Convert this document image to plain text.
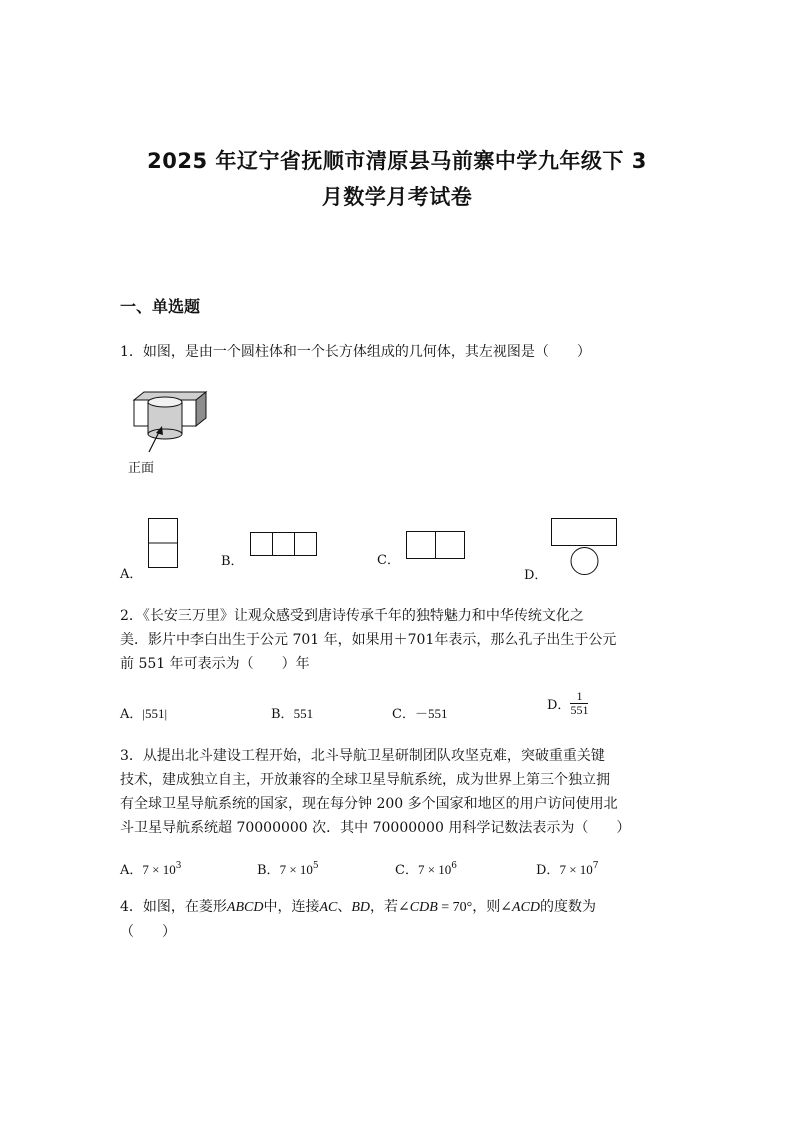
2025 年辽宁省抚顺市清原县马前寨中学九年级下 3
月数学月考试卷
一、单选题
1．如图，是由一个圆柱体和一个长方体组成的几何体，其左视图是（　　）
正面
A．
B．	C．
D．
2．《长安三万里》让观众感受到唐诗传承千年的独特魅力和中华传统文化之
美．影片中李白出生于公元 701 年，如果用＋701年表示，那么孔子出生于公元
前 551 年可表示为（　　）年
A．|551|	B．551	C．－551
D． $\frac{1}{551}$
3．从提出北斗建设工程开始，北斗导航卫星研制团队攻坚克难，突破重重关键
技术，建成独立自主，开放兼容的全球卫星导航系统，成为世界上第三个独立拥
有全球卫星导航系统的国家，现在每分钟 200 多个国家和地区的用户访问使用北
斗卫星导航系统超 70000000 次．其中 70000000 用科学记数法表示为（　　）
A．$7 \times 10^3$	B．$7 \times 10^5$	C．$7 \times 10^6$	D．$7 \times 10^7$
4．如图，在菱形ABCD中，连接AC、BD，若∠CDB = 70°，则∠ACD的度数为
（　　）
